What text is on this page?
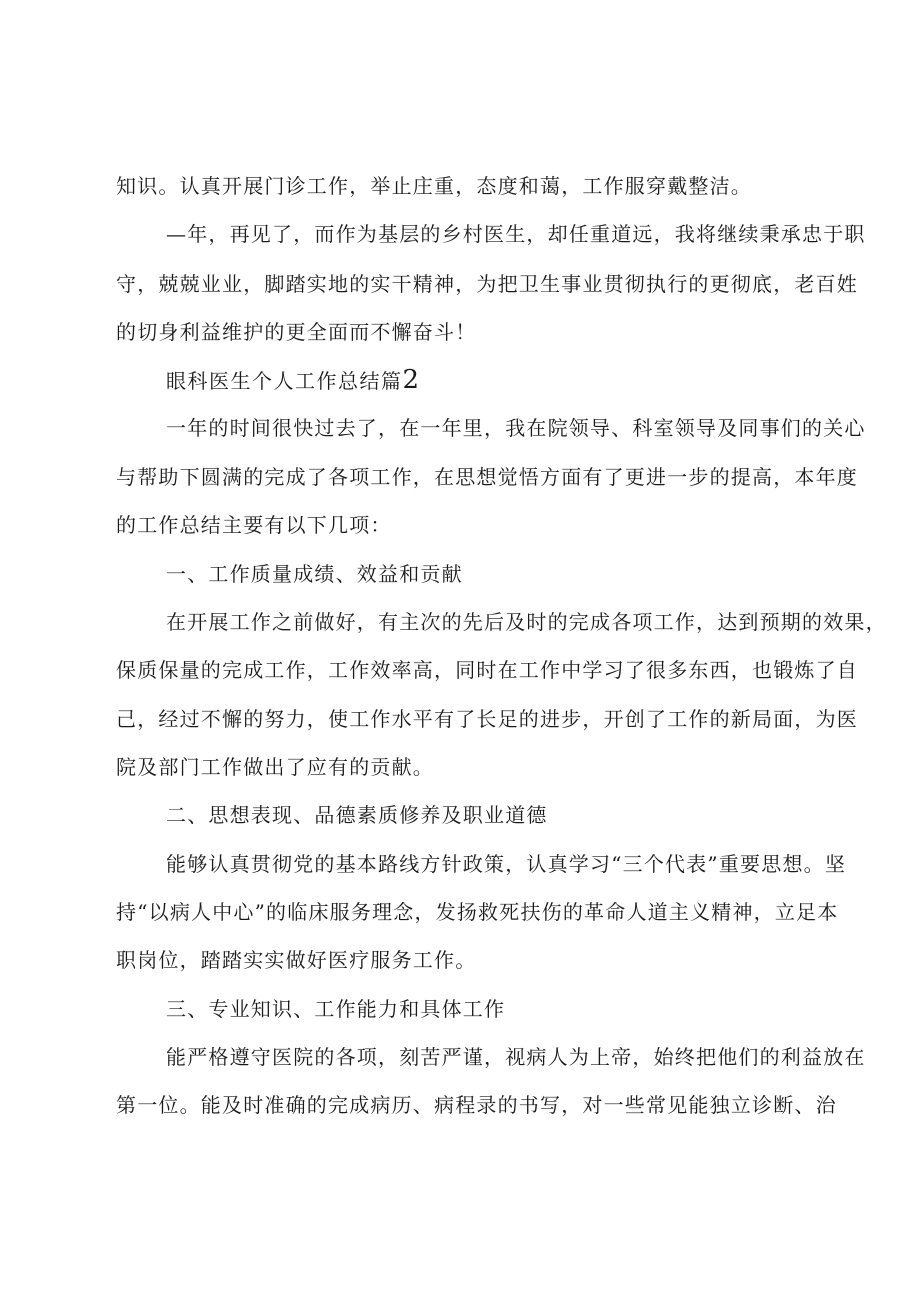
知识。认真开展门诊工作，举止庄重，态度和蔼，工作服穿戴整洁。
—年，再见了，而作为基层的乡村医生，却任重道远，我将继续秉承忠于职
守，兢兢业业，脚踏实地的实干精神，为把卫生事业贯彻执行的更彻底，老百姓
的切身利益维护的更全面而不懈奋斗！
眼科医生个人工作总结篇2
一年的时间很快过去了，在一年里，我在院领导、科室领导及同事们的关心
与帮助下圆满的完成了各项工作，在思想觉悟方面有了更进一步的提高，本年度
的工作总结主要有以下几项：
一、工作质量成绩、效益和贡献
在开展工作之前做好，有主次的先后及时的完成各项工作，达到预期的效果，
保质保量的完成工作，工作效率高，同时在工作中学习了很多东西，也锻炼了自
己，经过不懈的努力，使工作水平有了长足的进步，开创了工作的新局面，为医
院及部门工作做出了应有的贡献。
二、思想表现、品德素质修养及职业道德
能够认真贯彻党的基本路线方针政策，认真学习“三个代表”重要思想。坚
持“以病人中心”的临床服务理念，发扬救死扶伤的革命人道主义精神，立足本
职岗位，踏踏实实做好医疗服务工作。
三、专业知识、工作能力和具体工作
能严格遵守医院的各项，刻苦严谨，视病人为上帝，始终把他们的利益放在
第一位。能及时准确的完成病历、病程录的书写，对一些常见能独立诊断、治
